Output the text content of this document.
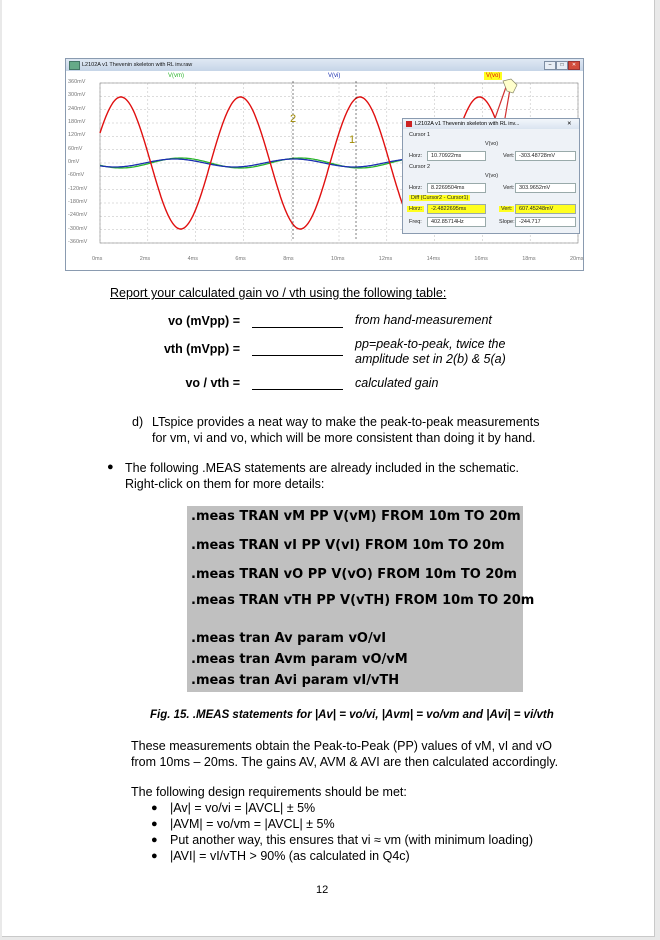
L2102A v1 Thevenin skeleton with RL inv.raw	–	□	✕
V(vm)	V(vi)	V(vo)
360mV
300mV
240mV
180mV
120mV
60mV
0mV
-60mV
-120mV
-180mV
-240mV
-300mV
-360mV
0ms	2ms	4ms	6ms	8ms	10ms	12ms	14ms	16ms	18ms	20ms
1
2	L2102A v1 Thevenin skeleton with RL inv...	✕
Cursor 1
V(vo)
Horz:	10.70922ms	Vert: -303.48728mV
Cursor 2
V(vo)
Horz:	8.2269504ms	Vert: 303.9652mV
Diff (Cursor2 - Cursor1)
Horz:	-2.4822695ms	Vert:	607.45248mV
Freq:	402.85714Hz	Slope: -244.717
Report your calculated gain vo / vth using the following table:
vo (mVpp) =	from hand-measurement
vth (mVpp) =	pp=peak-to-peak, twice the amplitude set in 2(b) & 5(a)
vo / vth =	calculated gain
d) LTspice provides a neat way to make the peak-to-peak measurements
for vm, vi and vo, which will be more consistent than doing it by hand.
● The following .MEAS statements are already included in the schematic.
Right-click on them for more details:
.meas TRAN vM PP V(vM) FROM 10m TO 20m
.meas TRAN vI PP V(vI) FROM 10m TO 20m
.meas TRAN vO PP V(vO) FROM 10m TO 20m
.meas TRAN vTH PP V(vTH) FROM 10m TO 20m
.meas tran Av param vO/vI
.meas tran Avm param vO/vM
.meas tran Avi param vI/vTH
Fig. 15. .MEAS statements for |Av| = vo/vi, |Avm| = vo/vm and |Avi| = vi/vth
These measurements obtain the Peak-to-Peak (PP) values of vM, vI and vO
from 10ms – 20ms. The gains AV, AVM & AVI are then calculated accordingly.
The following design requirements should be met:
● |Av| = vo/vi = |AVCL| ± 5%
● |AVM| = vo/vm = |AVCL| ± 5%
● Put another way, this ensures that vi ≈ vm (with minimum loading)
● |AVI| = vI/vTH > 90% (as calculated in Q4c)
12
